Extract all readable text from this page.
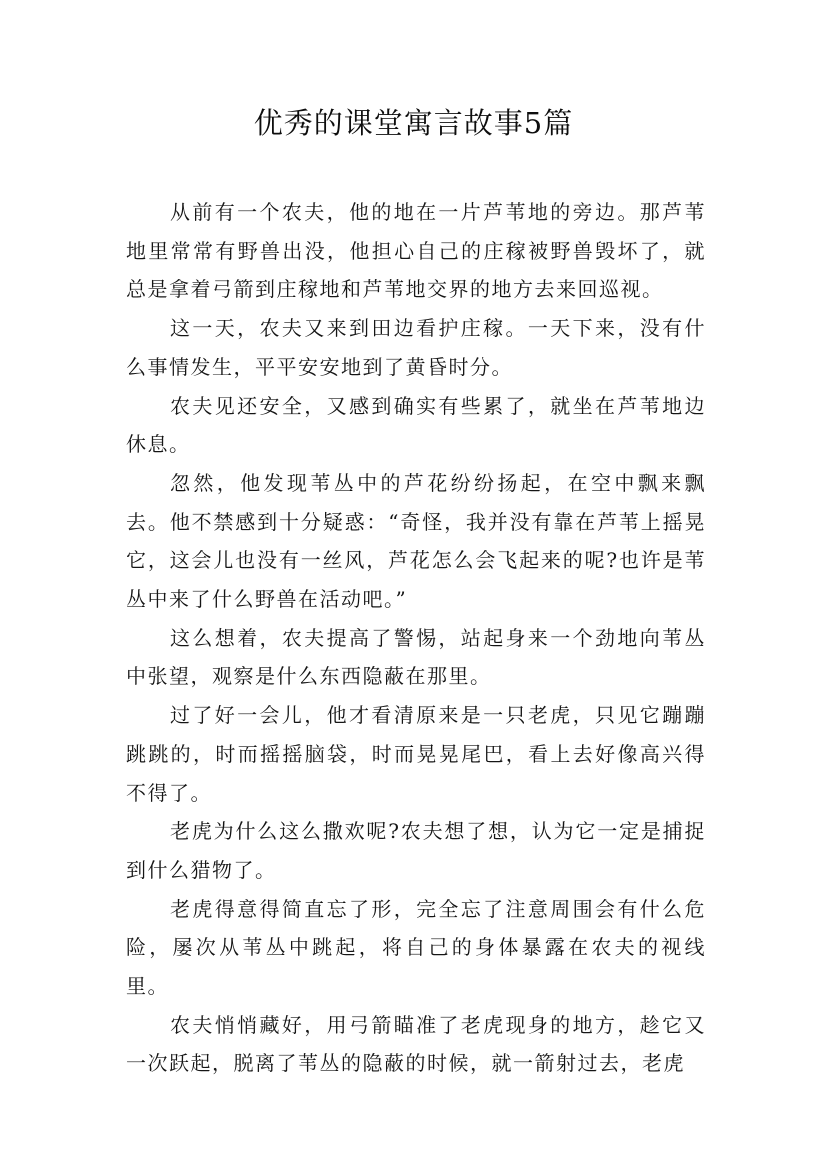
优秀的课堂寓言故事5篇

从前有一个农夫，他的地在一片芦苇地的旁边。那芦苇地里常常有野兽出没，他担心自己的庄稼被野兽毁坏了，就总是拿着弓箭到庄稼地和芦苇地交界的地方去来回巡视。

这一天，农夫又来到田边看护庄稼。一天下来，没有什么事情发生，平平安安地到了黄昏时分。

农夫见还安全，又感到确实有些累了，就坐在芦苇地边休息。

忽然，他发现苇丛中的芦花纷纷扬起，在空中飘来飘去。他不禁感到十分疑惑：“奇怪，我并没有靠在芦苇上摇晃它，这会儿也没有一丝风，芦花怎么会飞起来的呢?也许是苇丛中来了什么野兽在活动吧。”

这么想着，农夫提高了警惕，站起身来一个劲地向苇丛中张望，观察是什么东西隐蔽在那里。

过了好一会儿，他才看清原来是一只老虎，只见它蹦蹦跳跳的，时而摇摇脑袋，时而晃晃尾巴，看上去好像高兴得不得了。

老虎为什么这么撒欢呢?农夫想了想，认为它一定是捕捉到什么猎物了。

老虎得意得简直忘了形，完全忘了注意周围会有什么危险，屡次从苇丛中跳起，将自己的身体暴露在农夫的视线里。

农夫悄悄藏好，用弓箭瞄准了老虎现身的地方，趁它又一次跃起，脱离了苇丛的隐蔽的时候，就一箭射过去，老虎
